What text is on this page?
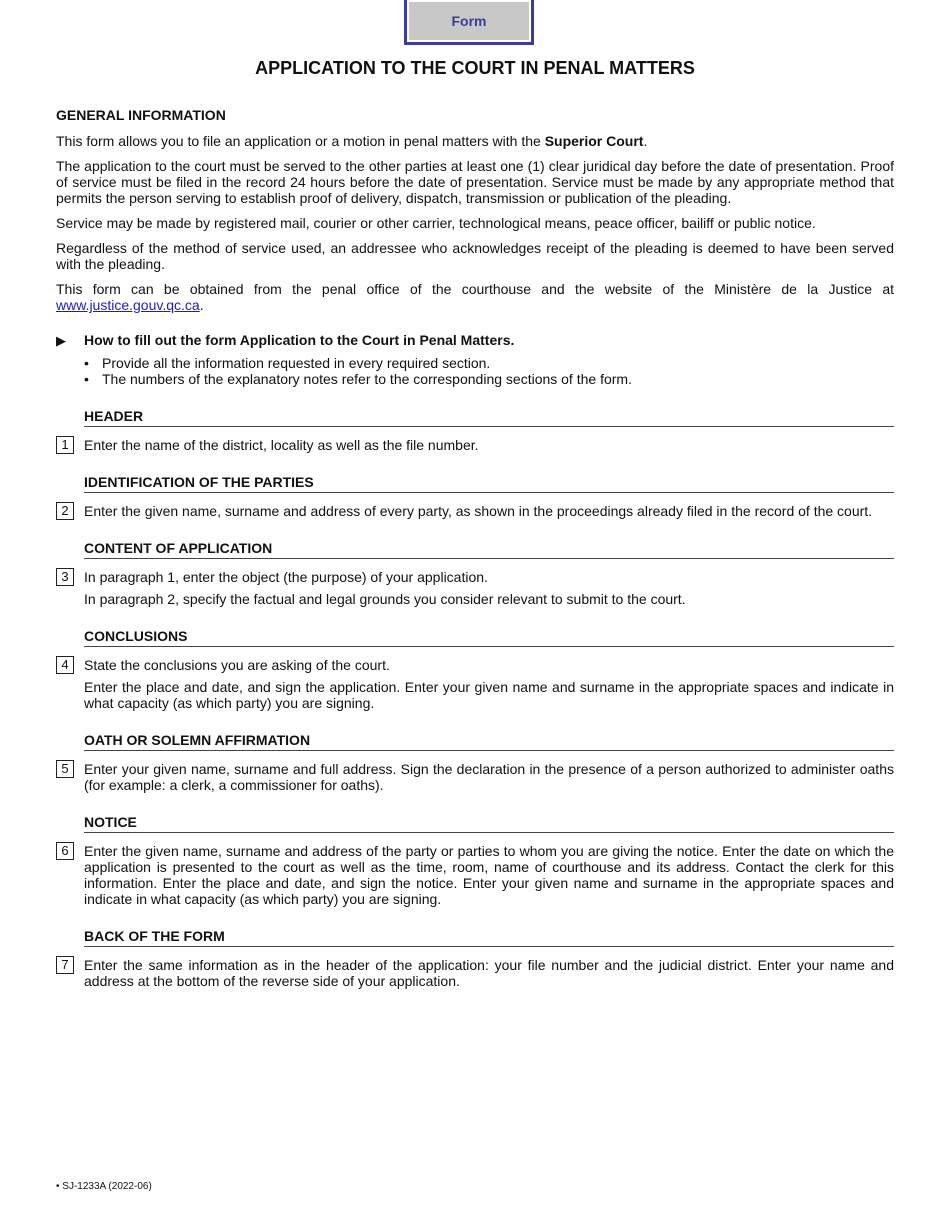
Form
APPLICATION TO THE COURT IN PENAL MATTERS
GENERAL INFORMATION

This form allows you to file an application or a motion in penal matters with the Superior Court.

The application to the court must be served to the other parties at least one (1) clear juridical day before the date of presentation. Proof of service must be filed in the record 24 hours before the date of presentation. Service must be made by any appropriate method that permits the person serving to establish proof of delivery, dispatch, transmission or publication of the pleading.

Service may be made by registered mail, courier or other carrier, technological means, peace officer, bailiff or public notice.

Regardless of the method of service used, an addressee who acknowledges receipt of the pleading is deemed to have been served with the pleading.

This form can be obtained from the penal office of the courthouse and the website of the Ministère de la Justice at www.justice.gouv.qc.ca.

▶ How to fill out the form Application to the Court in Penal Matters.
• Provide all the information requested in every required section.
• The numbers of the explanatory notes refer to the corresponding sections of the form.
HEADER
1	Enter the name of the district, locality as well as the file number.

IDENTIFICATION OF THE PARTIES
2	Enter the given name, surname and address of every party, as shown in the proceedings already filed in the record of the court.

CONTENT OF APPLICATION
3	In paragraph 1, enter the object (the purpose) of your application.

In paragraph 2, specify the factual and legal grounds you consider relevant to submit to the court.

CONCLUSIONS
4	State the conclusions you are asking of the court.

Enter the place and date, and sign the application. Enter your given name and surname in the appropriate spaces and indicate in what capacity (as which party) you are signing.

OATH OR SOLEMN AFFIRMATION
5	Enter your given name, surname and full address. Sign the declaration in the presence of a person authorized to administer oaths (for example: a clerk, a commissioner for oaths).

NOTICE
6	Enter the given name, surname and address of the party or parties to whom you are giving the notice. Enter the date on which the application is presented to the court as well as the time, room, name of courthouse and its address. Contact the clerk for this information. Enter the place and date, and sign the notice. Enter your given name and surname in the appropriate spaces and indicate in what capacity (as which party) you are signing.

BACK OF THE FORM
7	Enter the same information as in the header of the application: your file number and the judicial district. Enter your name and address at the bottom of the reverse side of your application.

• SJ-1233A (2022-06)
